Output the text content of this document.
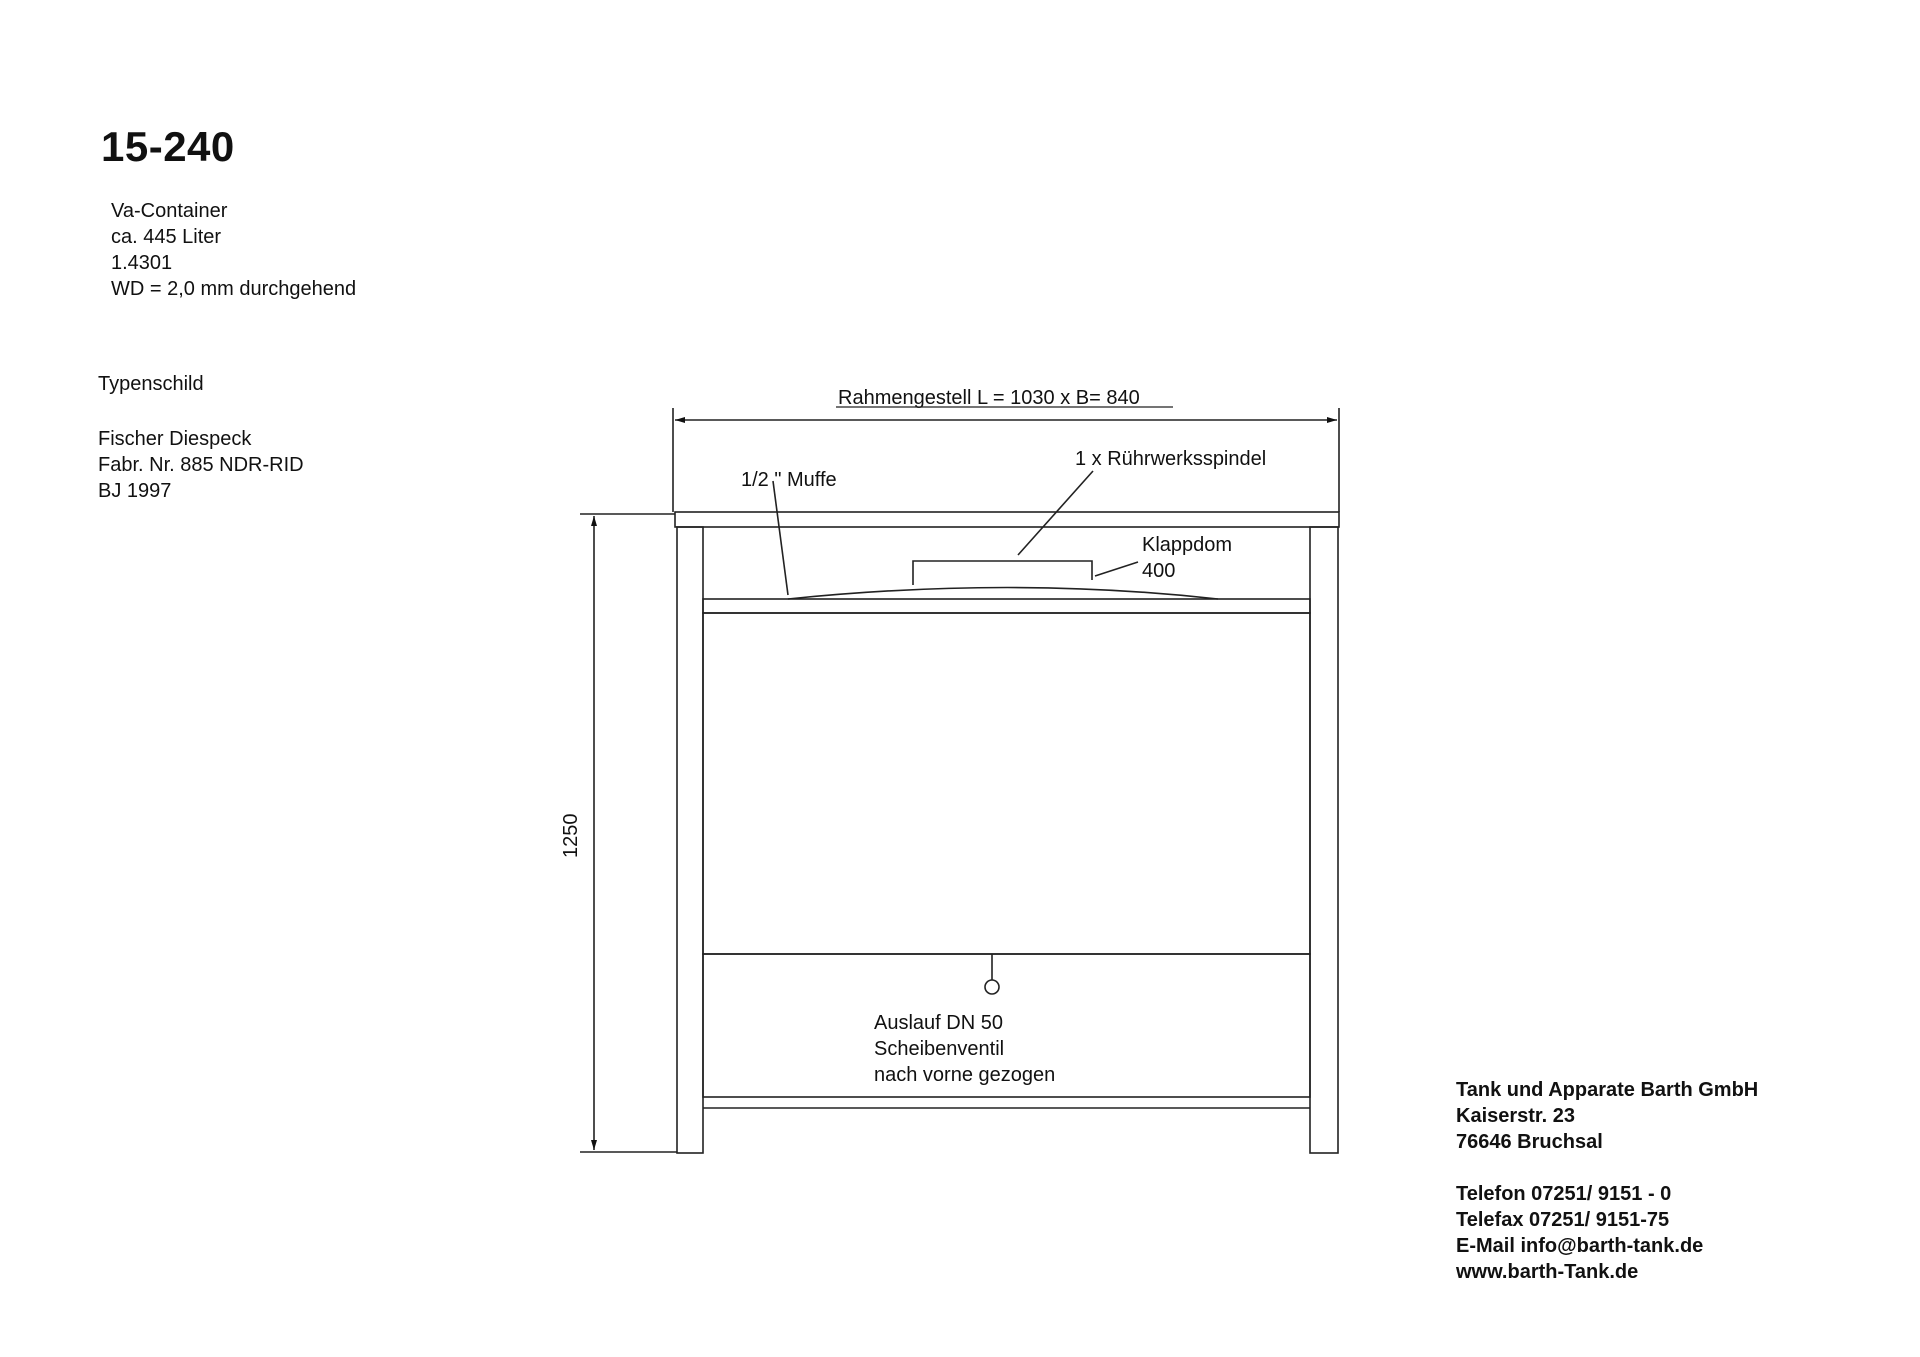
15-240
Va-Container
ca. 445 Liter
1.4301
WD = 2,0 mm durchgehend
Typenschild
Fischer Diespeck
Fabr. Nr. 885 NDR-RID
BJ 1997
Rahmengestell L = 1030 x B= 840
1250
1/2 " Muffe
1 x Rührwerksspindel
Klappdom
400
Auslauf DN 50
Scheibenventil
nach vorne gezogen
Tank und Apparate Barth GmbH
Kaiserstr. 23
76646 Bruchsal
Telefon 07251/ 9151 - 0
Telefax 07251/ 9151-75
E-Mail info@barth-tank.de
www.barth-Tank.de
